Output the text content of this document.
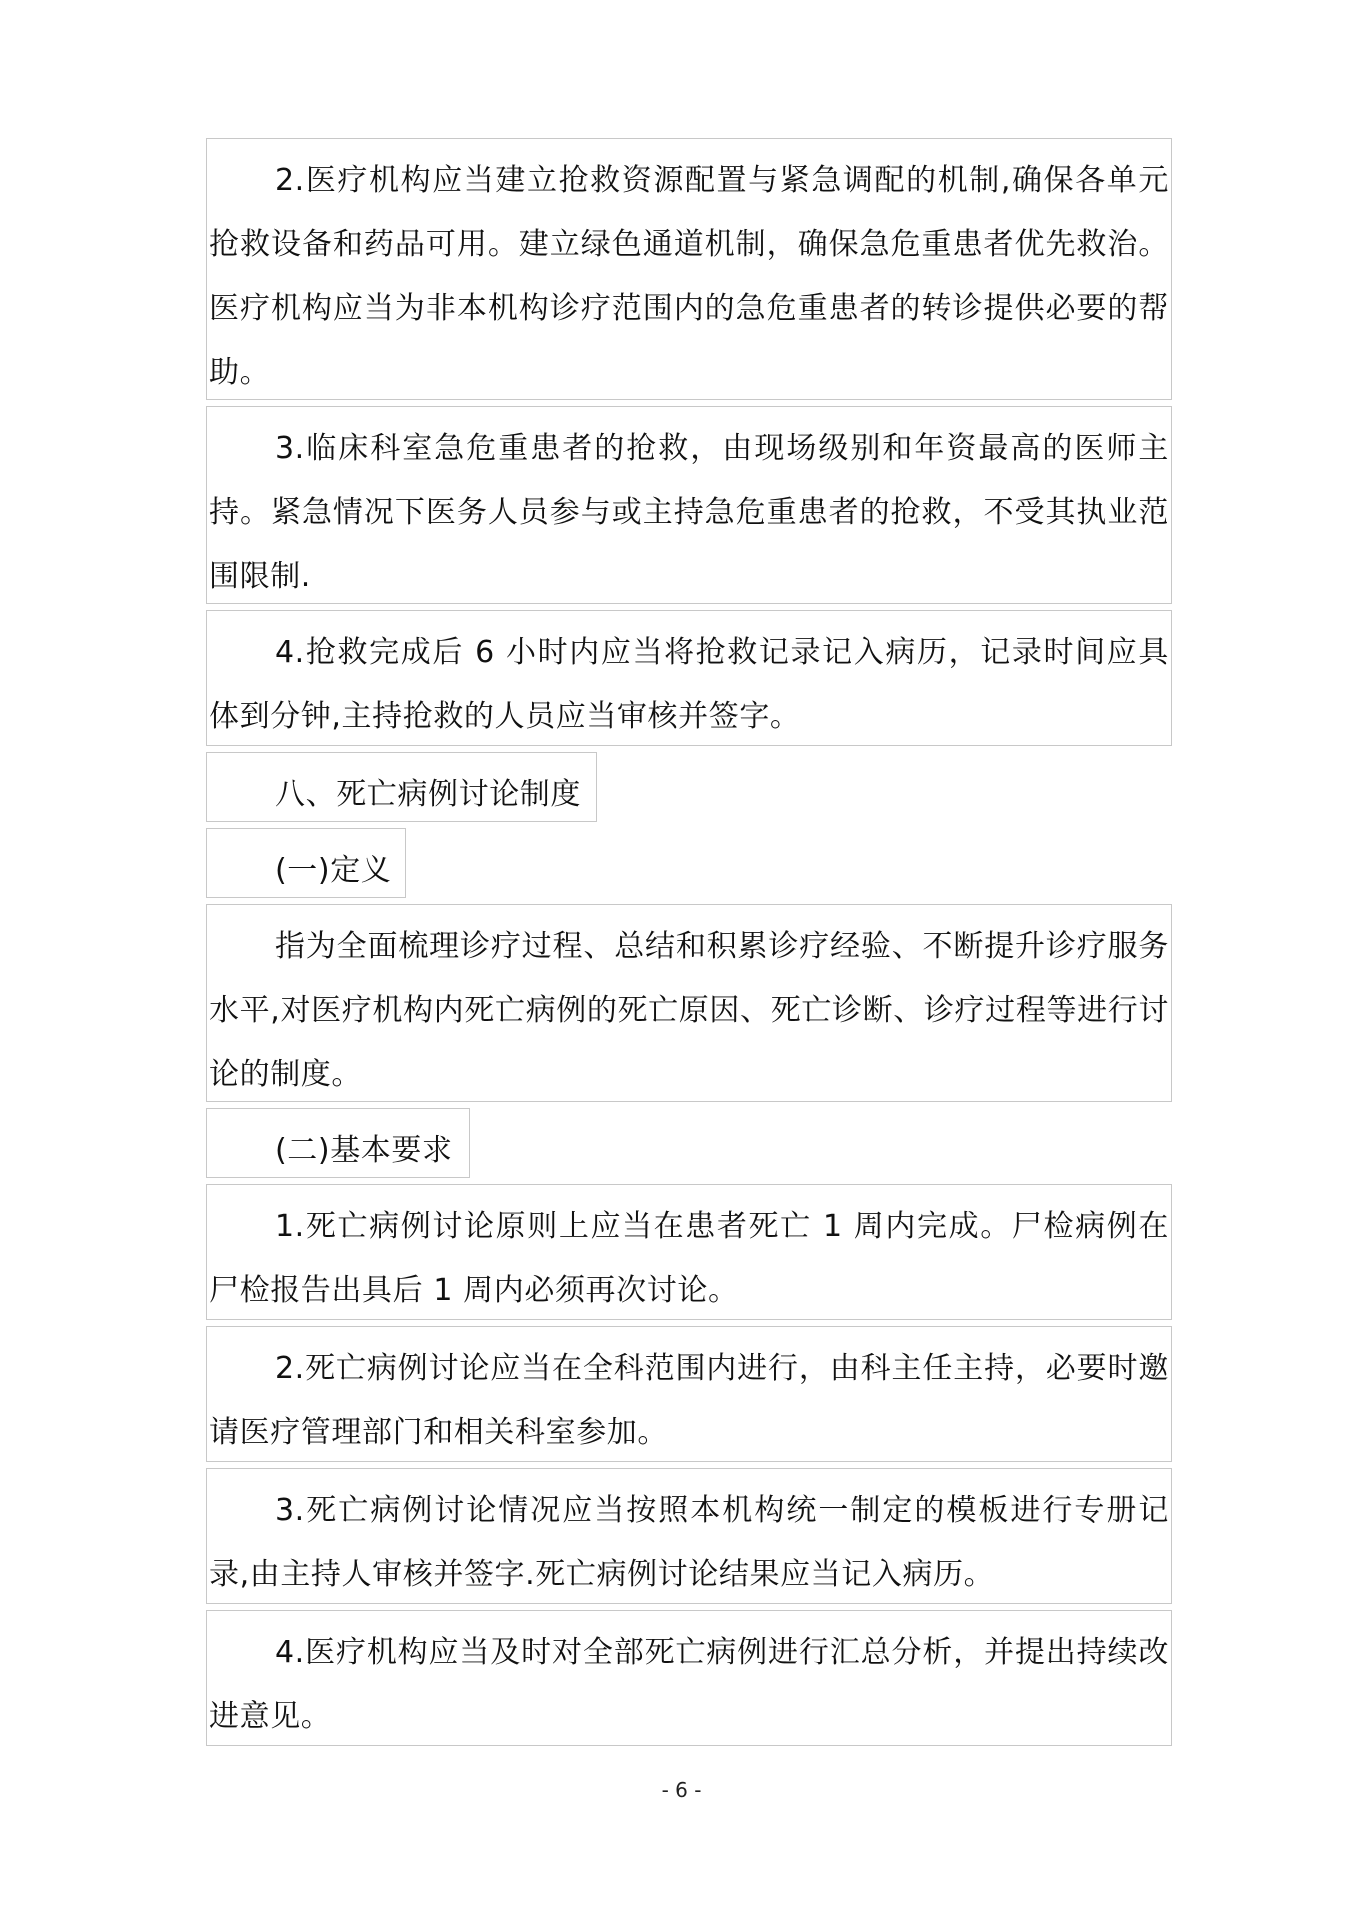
2.医疗机构应当建立抢救资源配置与紧急调配的机制,确保各单元抢救设备和药品可用。建立绿色通道机制，确保急危重患者优先救治。医疗机构应当为非本机构诊疗范围内的急危重患者的转诊提供必要的帮助。
3.临床科室急危重患者的抢救，由现场级别和年资最高的医师主持。紧急情况下医务人员参与或主持急危重患者的抢救，不受其执业范围限制.
4.抢救完成后 6 小时内应当将抢救记录记入病历，记录时间应具体到分钟,主持抢救的人员应当审核并签字。
八、死亡病例讨论制度
(一)定义
指为全面梳理诊疗过程、总结和积累诊疗经验、不断提升诊疗服务水平,对医疗机构内死亡病例的死亡原因、死亡诊断、诊疗过程等进行讨论的制度。
(二)基本要求
1.死亡病例讨论原则上应当在患者死亡 1 周内完成。尸检病例在尸检报告出具后 1 周内必须再次讨论。
2.死亡病例讨论应当在全科范围内进行，由科主任主持，必要时邀请医疗管理部门和相关科室参加。
3.死亡病例讨论情况应当按照本机构统一制定的模板进行专册记录,由主持人审核并签字.死亡病例讨论结果应当记入病历。
4.医疗机构应当及时对全部死亡病例进行汇总分析，并提出持续改进意见。
- 6 -
